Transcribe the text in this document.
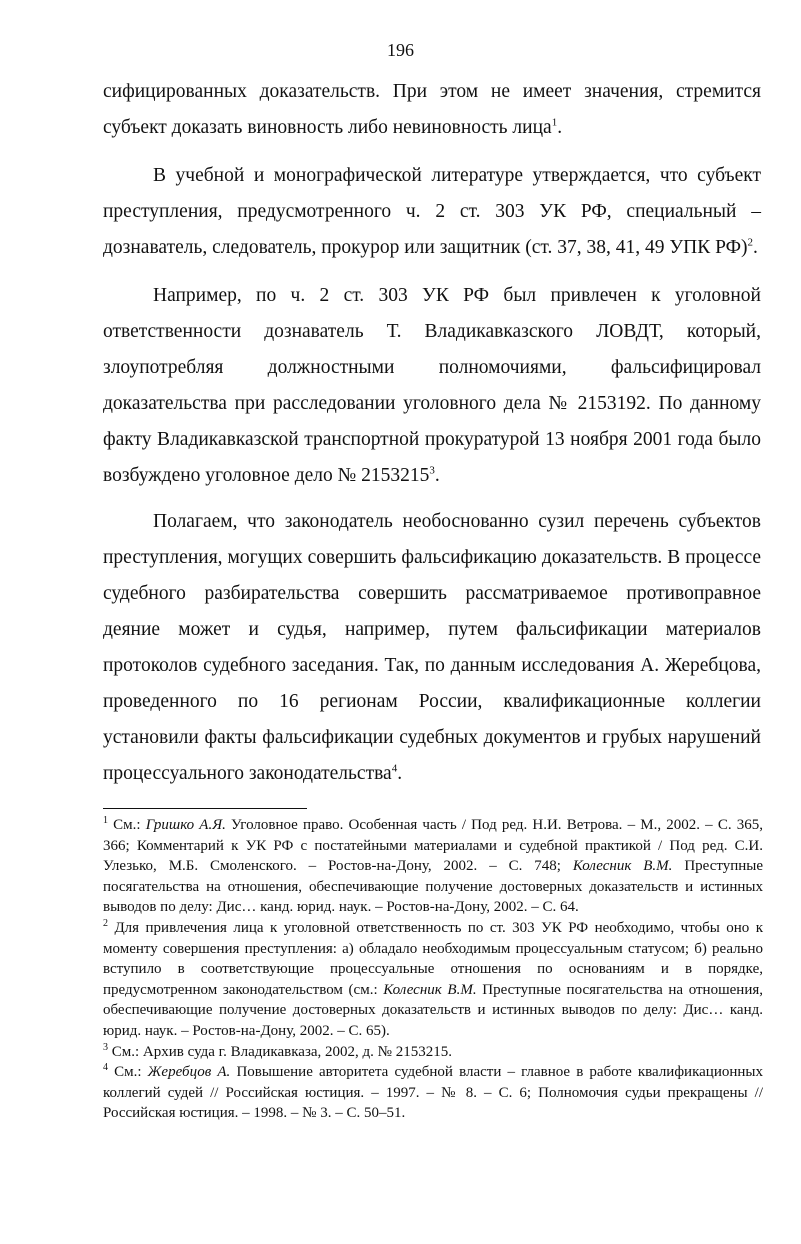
196

сифицированных доказательств. При этом не имеет значения, стремится субъект доказать виновность либо невиновность лица$^1$.

В учебной и монографической литературе утверждается, что субъект преступления, предусмотренного ч. 2 ст. 303 УК РФ, специальный – дознаватель, следователь, прокурор или защитник (ст. 37, 38, 41, 49 УПК РФ)$^2$.

Например, по ч. 2 ст. 303 УК РФ был привлечен к уголовной ответственности дознаватель Т. Владикавказского ЛОВДТ, который, злоупотребляя должностными полномочиями, фальсифицировал доказательства при расследовании уголовного дела № 2153192. По данному факту Владикавказской транспортной прокуратурой 13 ноября 2001 года было возбуждено уголовное дело № 2153215$^3$.

Полагаем, что законодатель необоснованно сузил перечень субъектов преступления, могущих совершить фальсификацию доказательств. В процессе судебного разбирательства совершить рассматриваемое противоправное деяние может и судья, например, путем фальсификации материалов протоколов судебного заседания. Так, по данным исследования А. Жеребцова, проведенного по 16 регионам России, квалификационные коллегии установили факты фальсификации судебных документов и грубых нарушений процессуального законодательства$^4$.

$^1$ См.: Гришко А.Я. Уголовное право. Особенная часть / Под ред. Н.И. Ветрова. – М., 2002. – С. 365, 366; Комментарий к УК РФ с постатейными материалами и судебной практикой / Под ред. С.И. Улезько, М.Б. Смоленского. – Ростов-на-Дону, 2002. – С. 748; Колесник В.М. Преступные посягательства на отношения, обеспечивающие получение достоверных доказательств и истинных выводов по делу: Дис… канд. юрид. наук. – Ростов-на-Дону, 2002. – С. 64.

$^2$ Для привлечения лица к уголовной ответственность по ст. 303 УК РФ необходимо, чтобы оно к моменту совершения преступления: а) обладало необходимым процессуальным статусом; б) реально вступило в соответствующие процессуальные отношения по основаниям и в порядке, предусмотренном законодательством (см.: Колесник В.М. Преступные посягательства на отношения, обеспечивающие получение достоверных доказательств и истинных выводов по делу: Дис… канд. юрид. наук. – Ростов-на-Дону, 2002. – С. 65).

$^3$ См.: Архив суда г. Владикавказа, 2002, д. № 2153215.

$^4$ См.: Жеребцов А. Повышение авторитета судебной власти – главное в работе квалификационных коллегий судей // Российская юстиция. – 1997. – № 8. – С. 6; Полномочия судьи прекращены // Российская юстиция. – 1998. – № 3. – С. 50–51.
